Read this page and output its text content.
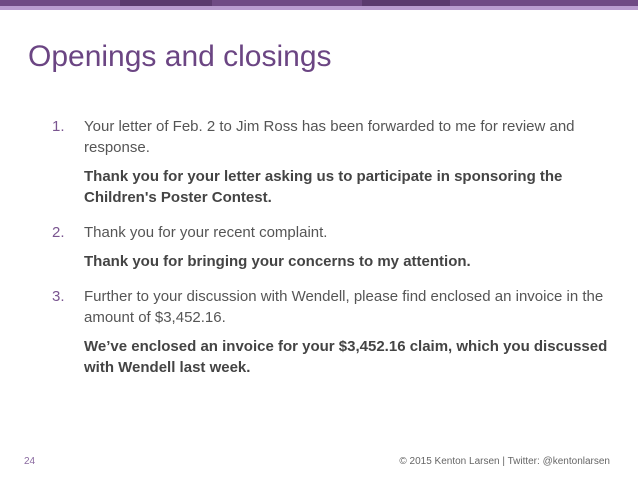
Openings and closings
1. Your letter of Feb. 2 to Jim Ross has been forwarded to me for review and response.
Thank you for your letter asking us to participate in sponsoring the Children's Poster Contest.
2. Thank you for your recent complaint.
Thank you for bringing your concerns to my attention.
3. Further to your discussion with Wendell, please find enclosed an invoice in the amount of $3,452.16.
We’ve enclosed an invoice for your $3,452.16 claim, which you discussed with Wendell last week.
24	© 2015 Kenton Larsen | Twitter: @kentonlarsen
